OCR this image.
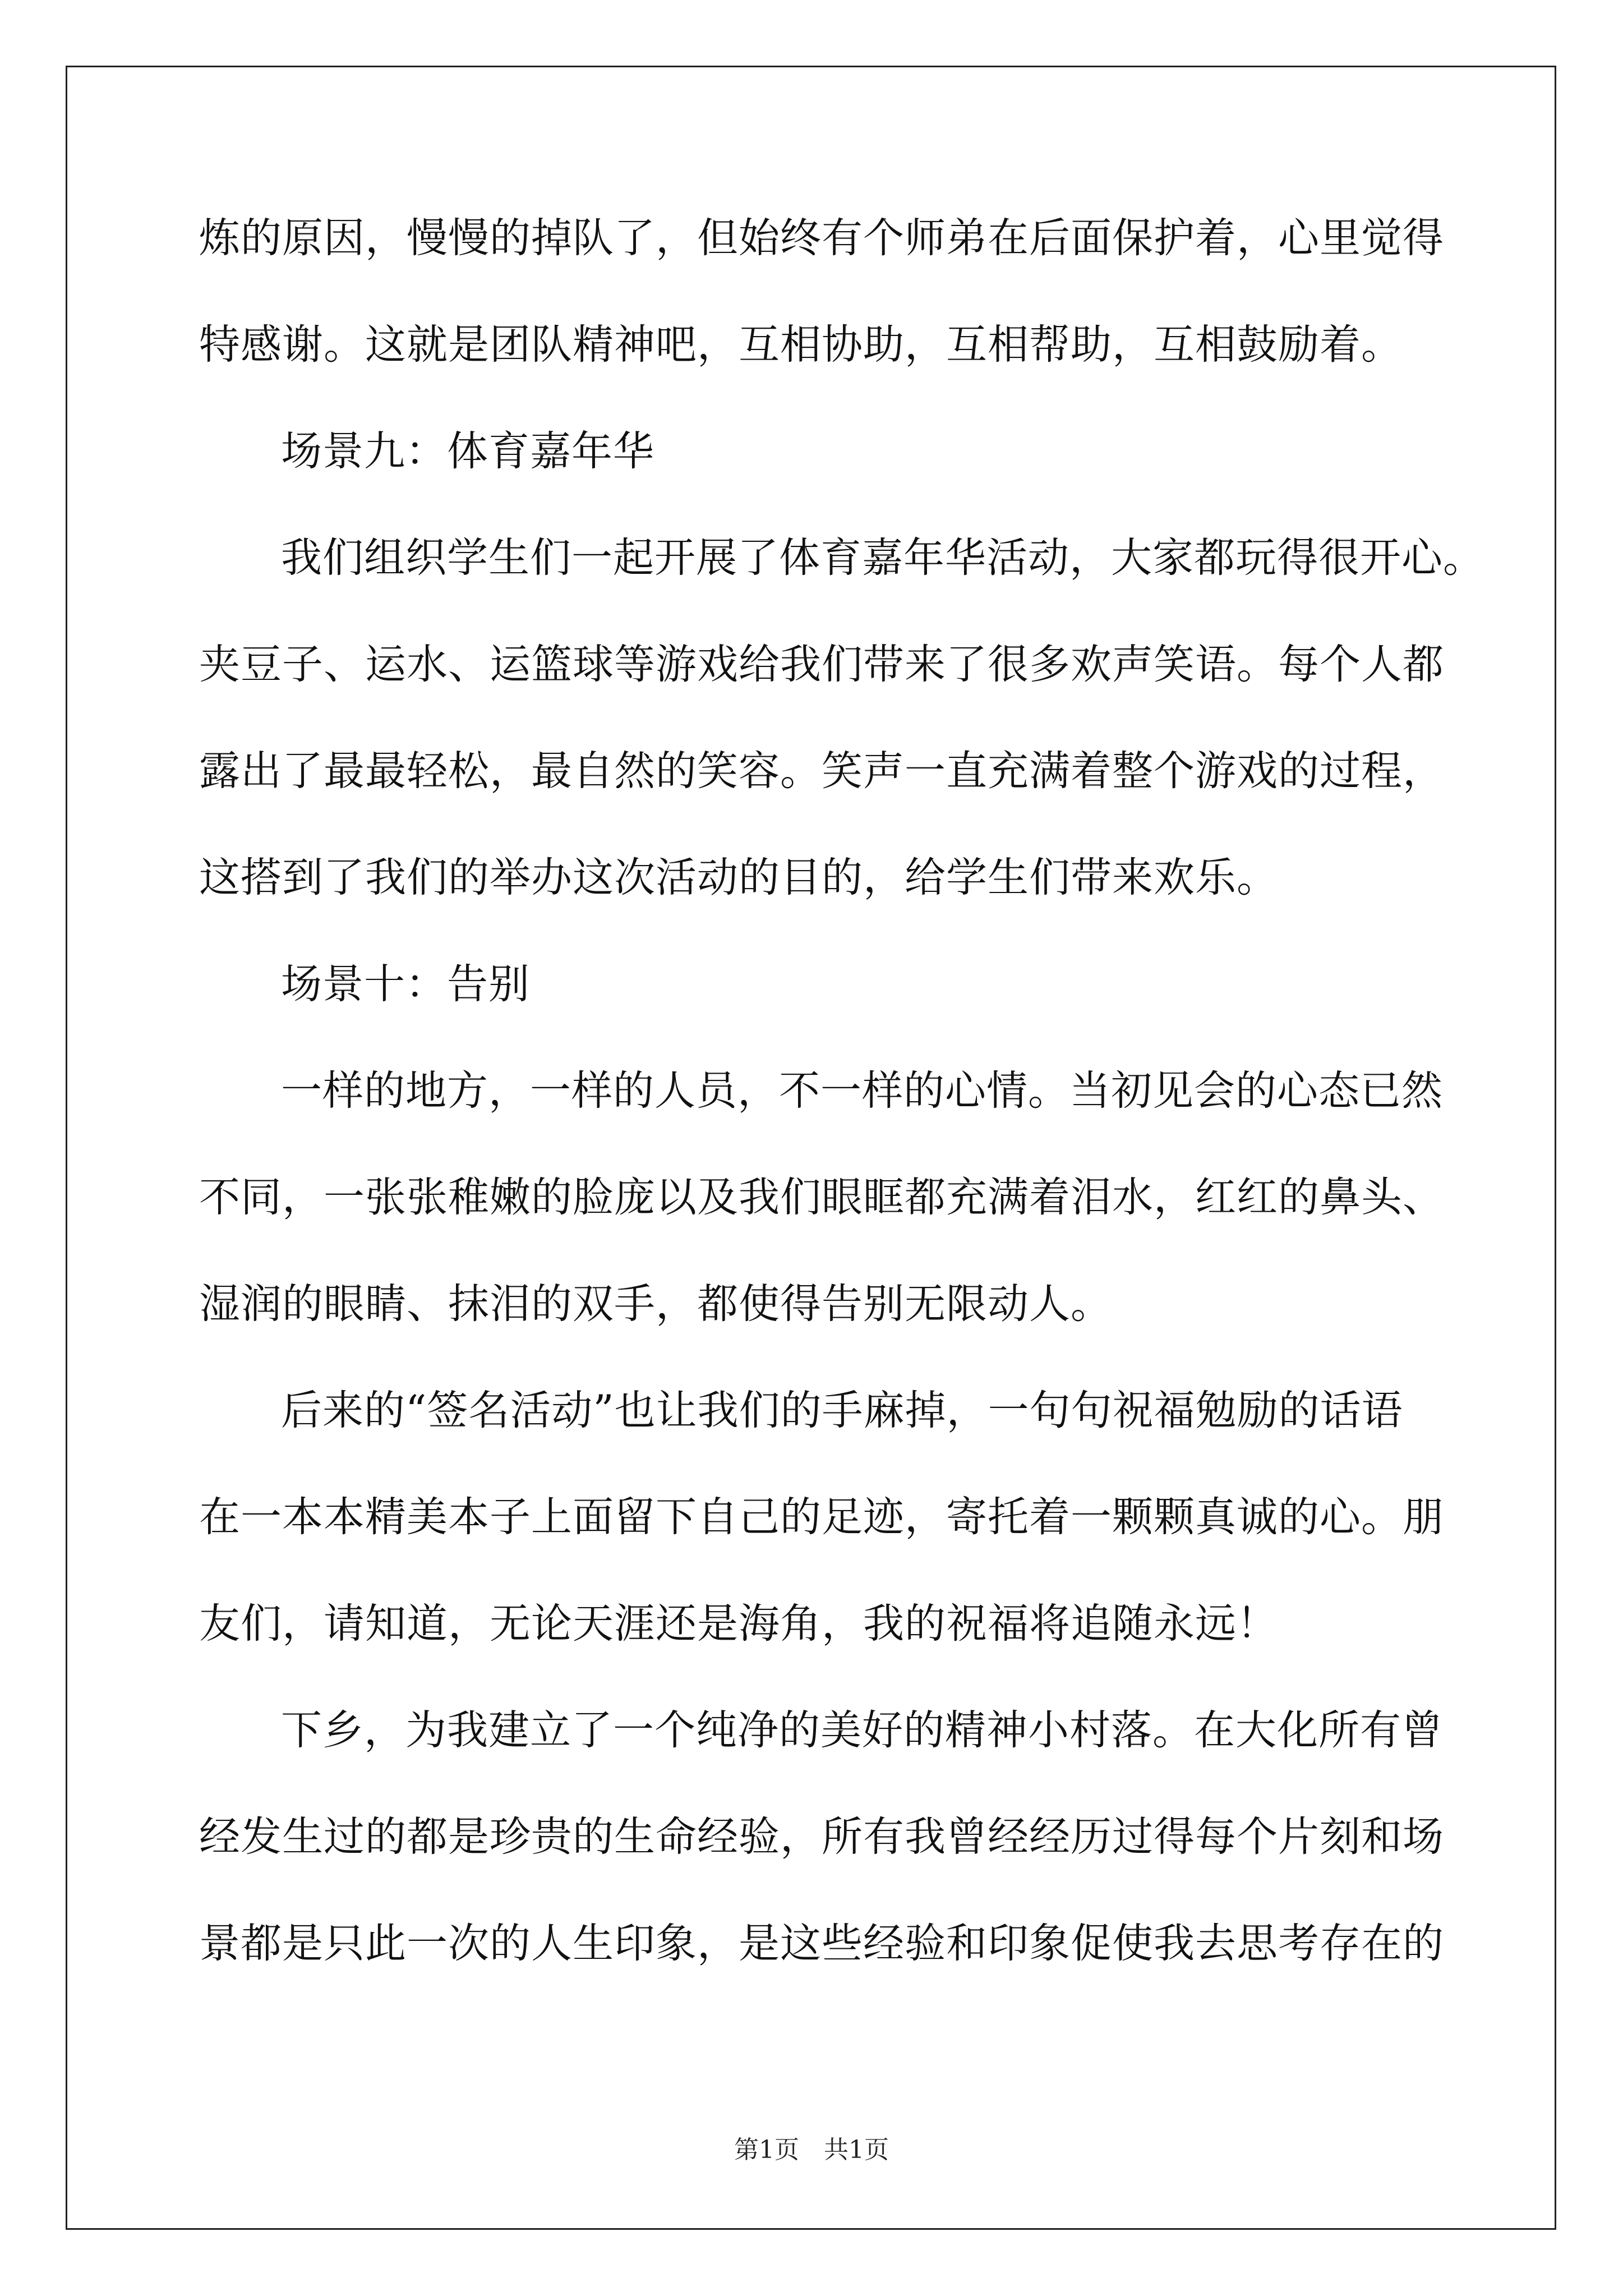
炼的原因，慢慢的掉队了，但始终有个师弟在后面保护着，心里觉得
特感谢。这就是团队精神吧，互相协助，互相帮助，互相鼓励着。
场景九：体育嘉年华
我们组织学生们一起开展了体育嘉年华活动，大家都玩得很开心。
夹豆子、运水、运篮球等游戏给我们带来了很多欢声笑语。每个人都
露出了最最轻松，最自然的笑容。笑声一直充满着整个游戏的过程，
这搭到了我们的举办这次活动的目的，给学生们带来欢乐。
场景十：告别
一样的地方，一样的人员，不一样的心情。当初见会的心态已然
不同，一张张稚嫩的脸庞以及我们眼眶都充满着泪水，红红的鼻头、
湿润的眼睛、抹泪的双手，都使得告别无限动人。
后来的“签名活动”也让我们的手麻掉，一句句祝福勉励的话语
在一本本精美本子上面留下自己的足迹，寄托着一颗颗真诚的心。朋
友们，请知道，无论天涯还是海角，我的祝福将追随永远！
下乡，为我建立了一个纯净的美好的精神小村落。在大化所有曾
经发生过的都是珍贵的生命经验，所有我曾经经历过得每个片刻和场
景都是只此一次的人生印象，是这些经验和印象促使我去思考存在的
第1页　共1页
